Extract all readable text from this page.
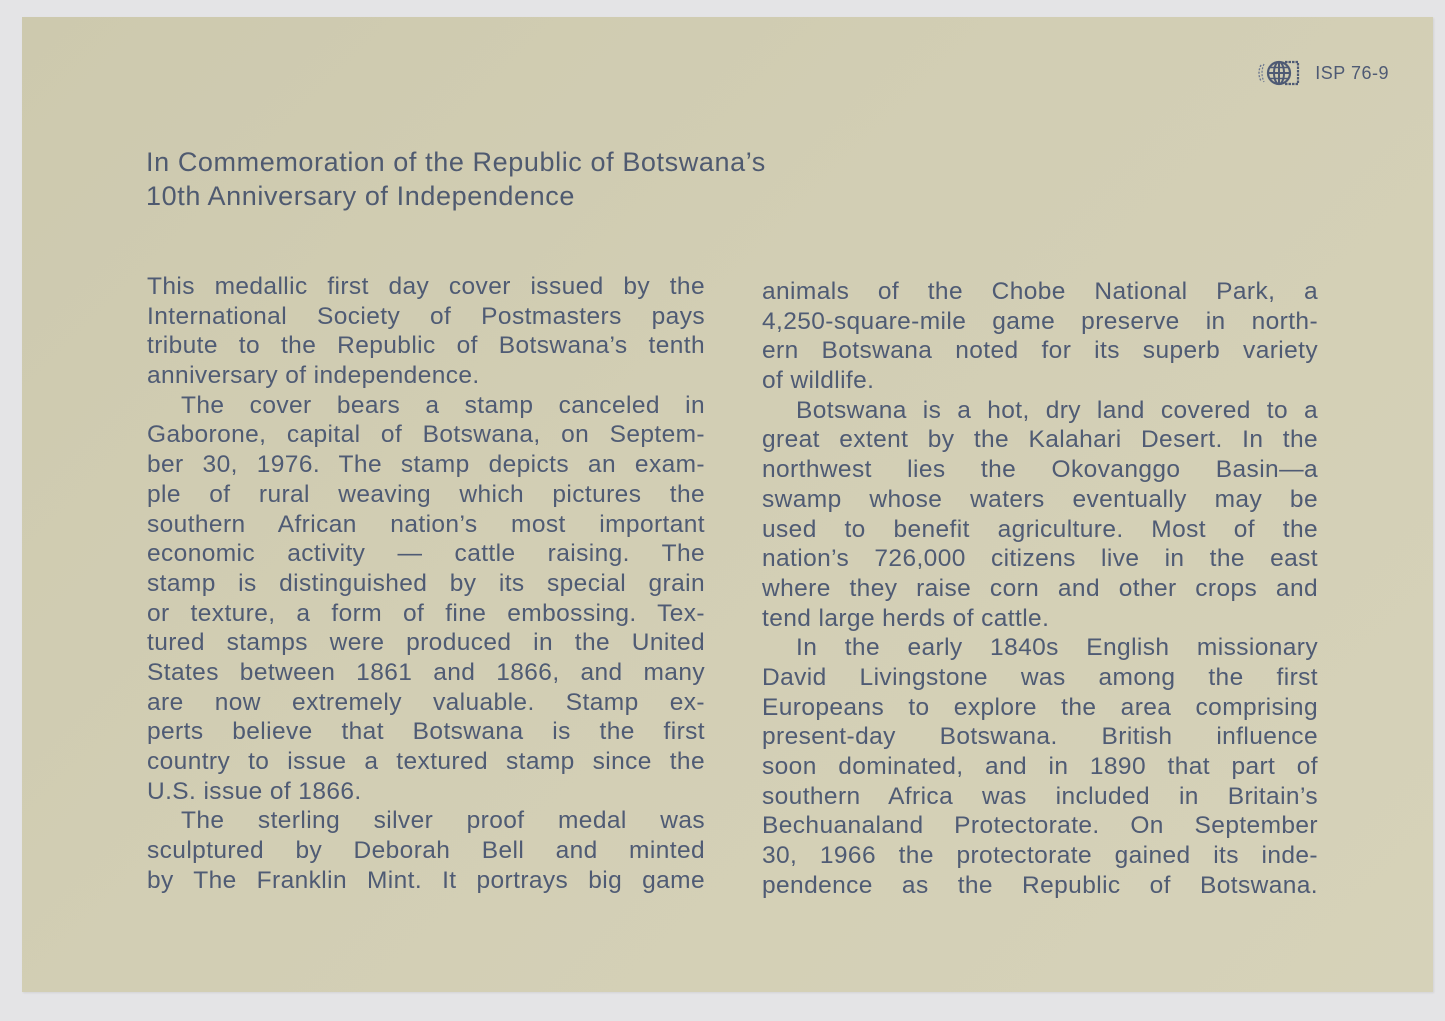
ISP 76-9
In Commemoration of the Republic of Botswana’s
10th Anniversary of Independence
This medallic first day cover issued by the
International Society of Postmasters pays
tribute to the Republic of Botswana’s tenth
anniversary of independence.
The cover bears a stamp canceled in
Gaborone, capital of Botswana, on Septem-
ber 30, 1976. The stamp depicts an exam-
ple of rural weaving which pictures the
southern African nation’s most important
economic activity — cattle raising. The
stamp is distinguished by its special grain
or texture, a form of fine embossing. Tex-
tured stamps were produced in the United
States between 1861 and 1866, and many
are now extremely valuable. Stamp ex-
perts believe that Botswana is the first
country to issue a textured stamp since the
U.S. issue of 1866.
The sterling silver proof medal was
sculptured by Deborah Bell and minted
by The Franklin Mint. It portrays big game
animals of the Chobe National Park, a
4,250-square-mile game preserve in north-
ern Botswana noted for its superb variety
of wildlife.
Botswana is a hot, dry land covered to a
great extent by the Kalahari Desert. In the
northwest lies the Okovanggo Basin—a
swamp whose waters eventually may be
used to benefit agriculture. Most of the
nation’s 726,000 citizens live in the east
where they raise corn and other crops and
tend large herds of cattle.
In the early 1840s English missionary
David Livingstone was among the first
Europeans to explore the area comprising
present-day Botswana. British influence
soon dominated, and in 1890 that part of
southern Africa was included in Britain’s
Bechuanaland Protectorate. On September
30, 1966 the protectorate gained its inde-
pendence as the Republic of Botswana.
